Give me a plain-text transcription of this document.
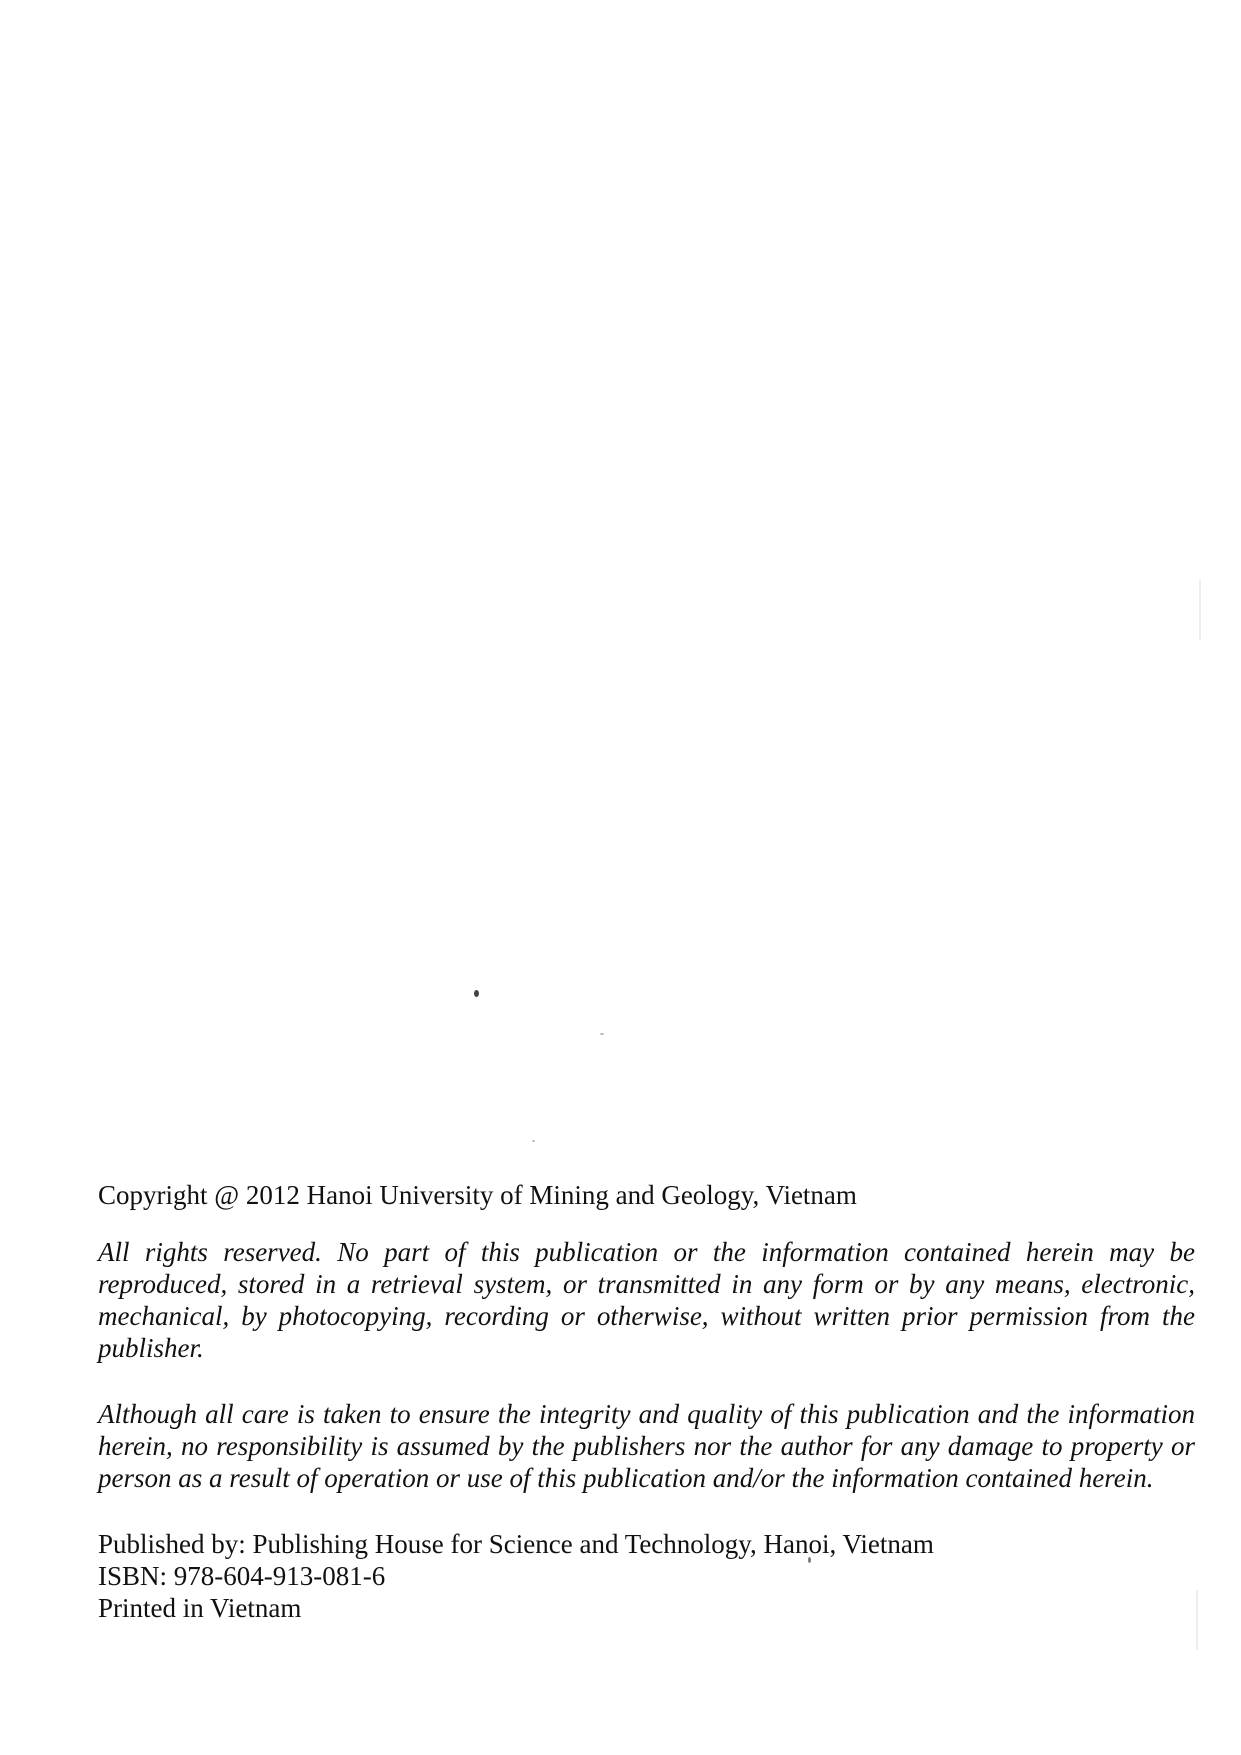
Copyright @ 2012 Hanoi University of Mining and Geology, Vietnam

All rights reserved. No part of this publication or the information contained herein may be reproduced, stored in a retrieval system, or transmitted in any form or by any means, electronic, mechanical, by photocopying, recording or otherwise, without written prior permission from the publisher.

Although all care is taken to ensure the integrity and quality of this publication and the information herein, no responsibility is assumed by the publishers nor the author for any damage to property or person as a result of operation or use of this publication and/or the information contained herein.

Published by: Publishing House for Science and Technology, Hanoi, Vietnam

ISBN: 978-604-913-081-6

Printed in Vietnam
